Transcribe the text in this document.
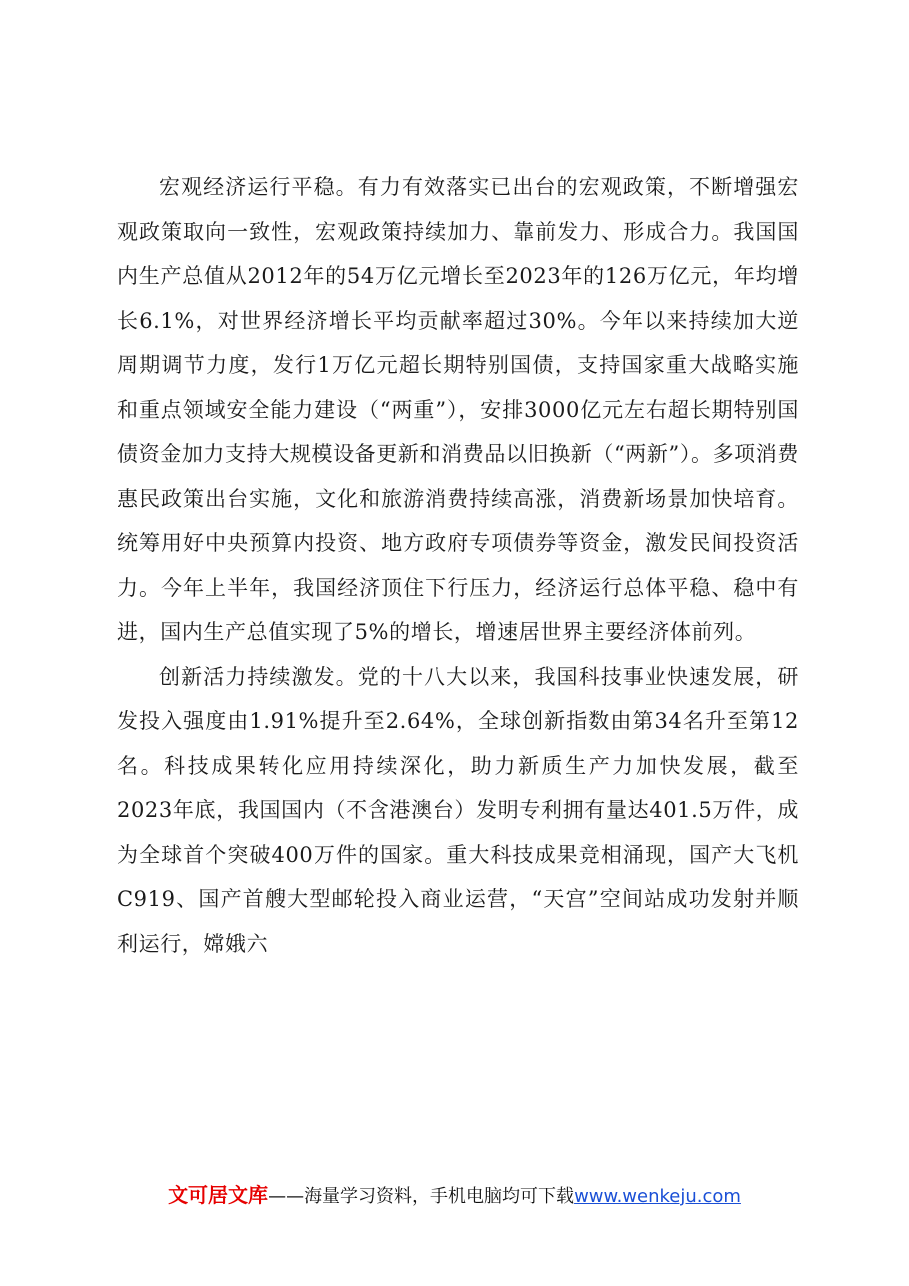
宏观经济运行平稳。有力有效落实已出台的宏观政策，不断增强宏观政策取向一致性，宏观政策持续加力、靠前发力、形成合力。我国国内生产总值从2012年的54万亿元增长至2023年的126万亿元，年均增长6.1%，对世界经济增长平均贡献率超过30%。今年以来持续加大逆周期调节力度，发行1万亿元超长期特别国债，支持国家重大战略实施和重点领域安全能力建设（“两重”），安排3000亿元左右超长期特别国债资金加力支持大规模设备更新和消费品以旧换新（“两新”）。多项消费惠民政策出台实施，文化和旅游消费持续高涨，消费新场景加快培育。统筹用好中央预算内投资、地方政府专项债券等资金，激发民间投资活力。今年上半年，我国经济顶住下行压力，经济运行总体平稳、稳中有进，国内生产总值实现了5%的增长，增速居世界主要经济体前列。

创新活力持续激发。党的十八大以来，我国科技事业快速发展，研发投入强度由1.91%提升至2.64%，全球创新指数由第34名升至第12名。科技成果转化应用持续深化，助力新质生产力加快发展，截至2023年底，我国国内（不含港澳台）发明专利拥有量达401.5万件，成为全球首个突破400万件的国家。重大科技成果竞相涌现，国产大飞机C919、国产首艘大型邮轮投入商业运营，“天宫”空间站成功发射并顺利运行，嫦娥六

文可居文库——海量学习资料，手机电脑均可下载www.wenkeju.com
